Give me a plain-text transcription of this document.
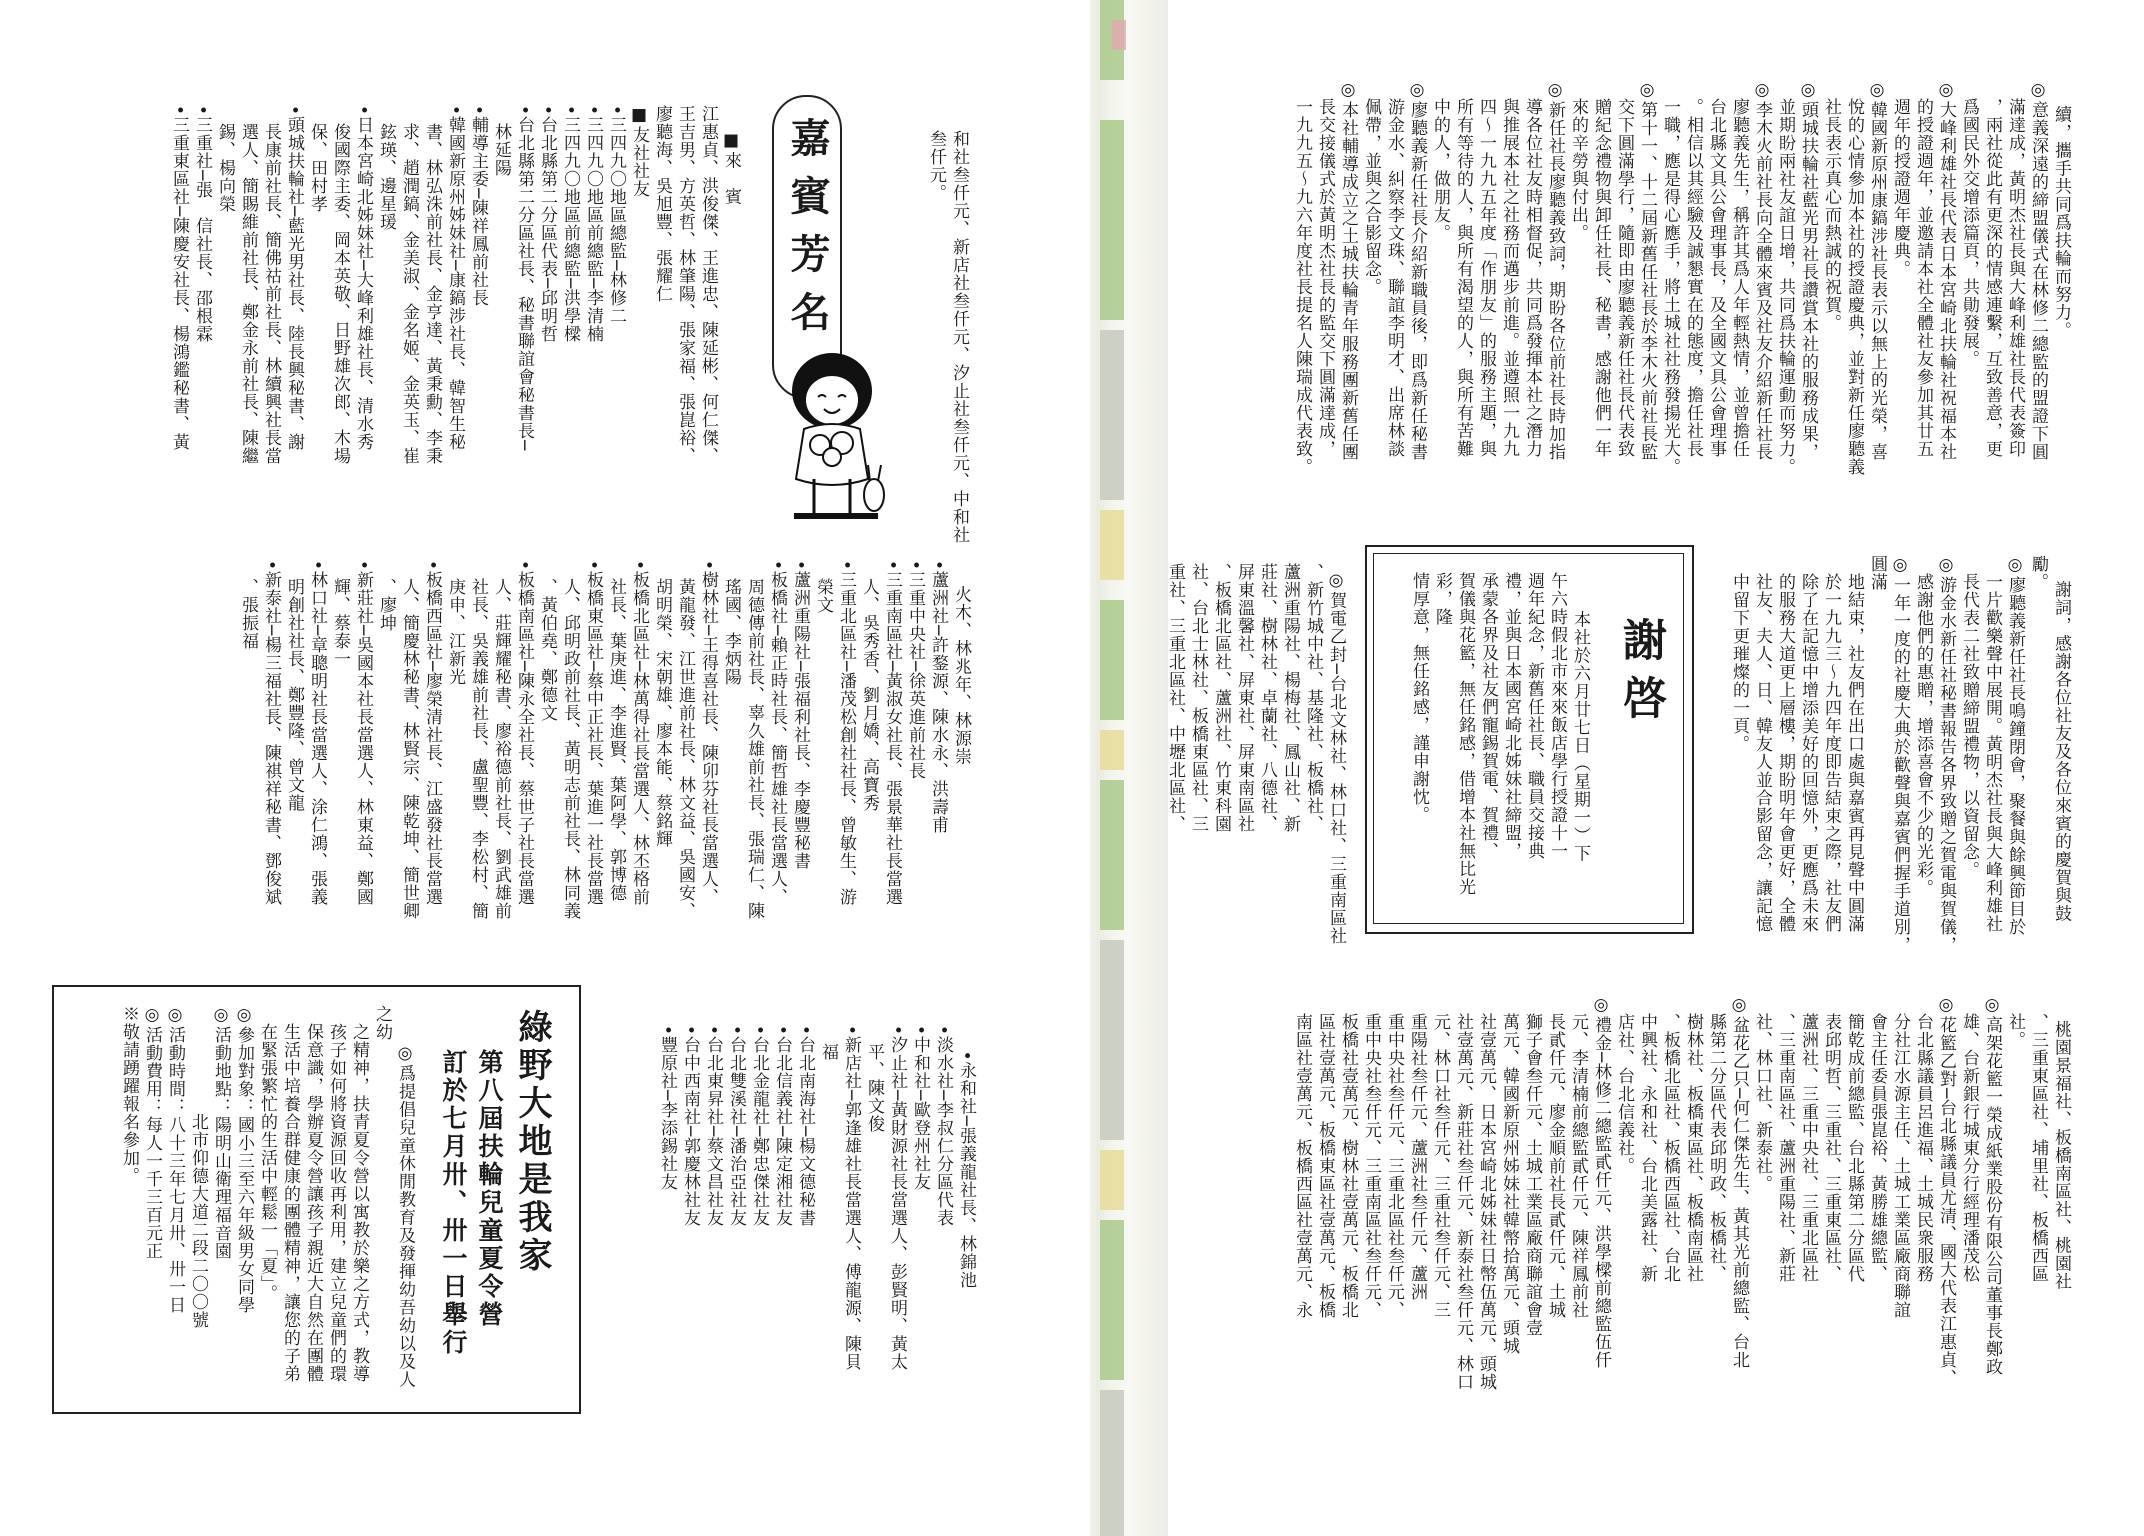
和社叁仟元、新店社叁仟元、汐止社叁仟元、中和社叁仟元。
嘉賓芳名

■來　賓
江惠貞、洪俊傑、王進忠、陳延彬、何仁傑、
王吉男、方英哲、林肇陽、張家福、張崑裕、
廖聽海、吳旭豐、張耀仁
■友社社友
•三四九〇地區總監─林修二
•三四九〇地區前總監─李清楠
•三四九〇地區前總監─洪學樑
•台北縣第二分區代表─邱明哲
•台北縣第二分區社長、秘書聯誼會秘書長─
　林延陽
•輔導主委─陳祥鳳前社長
•韓國新原州姊妹社─康鎬涉社長、韓智生秘
　書、林弘洙前社長、金亨達、黃秉勳、李秉
　求、趙潤鎬、金美淑、金名姬、金英玉、崔
　鉉瑛、邊星瑗
•日本宮崎北姊妹社─大峰利雄社長、清水秀
　俊國際主委、岡本英敬、日野雄次郎、木場
　保、田村孝
•頭城扶輪社─藍光男社長、陸長興秘書、謝
　長康前社長、簡佛祜前社長、林續興社長當
　選人、簡賜維前社長、鄭金永前社長、陳繼
　錫、楊向榮
•三重社─張　信社長、邵根霖
•三重東區社─陳慶安社長、楊鴻鑑秘書、黃

火木、林兆年、林源崇
•蘆洲社─許鍪源、陳水永、洪壽甫
•三重中央社─徐英進前社長
•三重南區社─黃淑女社長、張景華社長當選
　人、吳秀香、劉月嬌、高寶秀
•三重北區社─潘茂松創社社長、曾敏生、游
　榮文
•蘆洲重陽社─張福利社長、李慶豐秘書
•板橋社─賴正時社長、簡哲雄社長當選人、
　周德傳前社長、辜久雄前社長、張瑞仁、陳
　瑤國、李炳陽
•樹林社─王得喜社長、陳卯芬社長當選人、
　黃龍發、江世進前社長、林文益、吳國安、
　胡明榮、宋朝雄、廖本能、蔡銘輝
•板橋北區社─林萬得社長當選人、林丕格前
　社長、葉庚進、李進賢、葉阿學、郭博德
•板橋東區社─蔡中正社長、葉進一社長當選
　人、邱明政前社長、黃明志前社長、林同義
　、黃伯堯、鄭德文
•板橋南區社─陳永全社長、蔡世子社長當選
　人、莊輝耀秘書、廖裕德前社長、劉武雄前
　社長、吳義雄前社長、盧聖豐、李松村、簡
　庚申、江新光
•板橋西區社─廖榮清社長、江盛發社長當選
　人、簡慶林秘書、林賢宗、陳乾坤、簡世卿
　、廖坤
•新莊社─吳國本社長當選人、林東益、鄭國
　輝、蔡泰一
•林口社─章聰明社長當選人、涂仁鴻、張義
　明創社社長、鄭豐隆、曾文龍
•新泰社─楊三福社長、陳祺祥秘書、鄧俊斌
　、張振福

•永和社─張義龍社長、林錦池
•淡水社─李叔仁分區代表
•中和社─歐登州社友
•汐止社─黃財源社長當選人、彭賢明、黃太
　平、陳文俊
•新店社─郭逢雄社長當選人、傅龍源、陳貝
　福
•台北南海社─楊文德秘書
•台北信義社─陳定湘社友
•台北金龍社─鄭忠傑社友
•台北雙溪社─潘治亞社友
•台北東昇社─蔡文昌社友
•台中西南社─郭慶林社友
•豐原社─李添錫社友

綠野大地是我家
第八屆扶輪兒童夏令營
訂於七月卅、卅一日舉行

◎爲提倡兒童休閒教育及發揮幼吾幼以及人之幼
　之精神，扶青夏令營以寓教於樂之方式，教導
　孩子如何將資源回收再利用，建立兒童們的環
　保意識，學辦夏令營讓孩子親近大自然在團體
　生活中培養合群健康的團體精神，讓您的子弟
　在緊張繁忙的生活中輕鬆一「夏」。
◎參加對象：國小三至六年級男女同學
◎活動地點：陽明山衛理福音園
　　　　　　北市仰德大道二段二〇〇號
◎活動時間：八十三年七月卅、卅一日
◎活動費用：每人一千三百元正
※敬請踴躍報名參加。

續，攜手共同爲扶輪而努力。
◎意義深遠的締盟儀式在林修二總監的盟證下圓
　滿達成，黃明杰社長與大峰利雄社長代表簽印
　，兩社從此有更深的情感連繫，互致善意，更
　爲國民外交增添篇頁，共勛發展。
◎大峰利雄社長代表日本宮崎北扶輪社祝福本社
　的授證週年，並邀請本社全體社友參加其廿五
　週年的授證週年慶典。
◎韓國新原州康鎬涉社長表示以無上的光榮，喜
　悅的心情參加本社的授證慶典，並對新任廖聽義
　社長表示真心而熱誠的祝賀。
◎頭城扶輪社藍光男社長讚賞本社的服務成果，
　並期盼兩社友誼日增，共同爲扶輪運動而努力。
◎李木火前社長向全體來賓及社友介紹新任社長
　廖聽義先生，稱許其爲人年輕熱情，並曾擔任
　台北縣文具公會理事長，及全國文具公會理事
　。相信以其經驗及誠懇實在的態度，擔任社長
　一職，應是得心應手，將土城社社務發揚光大。
◎第十一、十二屆新舊任社長於李木火前社長監
　交下圓滿學行，隨即由廖聽義新任社長代表致
　贈紀念禮物與卸任社長、秘書，感謝他們一年
　來的辛勞與付出。
◎新任社長廖聽義致詞，期盼各位前社長時加指
　導各位社友時相督促，共同爲發揮本社之潛力
　與推展本社之社務而邁步前進。並遵照一九九
　四～一九九五年度「作朋友」的服務主題，與
　所有等待的人，與所有渴望的人，與所有苦難
　中的人，做朋友。
◎廖聽義新任社長介紹新職員後，即爲新任秘書
　游金水、糾察李文珠、聯誼李明才、出席林談
　佩帶，並與之合影留念。
◎本社輔導成立之土城扶輪青年服務團新舊任團
　長交接儀式於黃明杰社長的監交下圓滿達成，
　一九九五～九六年度社長提名人陳瑞成代表致。

謝啓

本社於六月廿七日（星期一）下
午六時假北市來來飯店學行授證十一
週年紀念，新舊任社長、職員交接典
禮，並與日本國宮崎北姊妹社締盟，
承蒙各界及社友們寵錫賀電、賀禮、
賀儀與花籃，無任銘感，借增本社無比光彩，隆
情厚意，無任銘感，謹申謝忱。
	謝詞，感謝各位社友及各位來賓的慶賀與鼓勵。
◎廖聽義新任社長鳴鐘閉會，聚餐與餘興節目於
　一片歡樂聲中展開。黃明杰社長與大峰利雄社
　長代表二社致贈締盟禮物，以資留念。
◎游金水新任社秘書報告各界致贈之賀電與賀儀，
　感謝他們的惠贈，增添喜會不少的光彩。
◎一年一度的社慶大典於歡聲與嘉賓們握手道別，圓滿
　地結束，社友們在出口處與嘉賓再見聲中圓滿
　於一九九三～九四年度即告結束之際，社友們
　除了在記憶中增添美好的回憶外，更應爲未來
　的服務大道更上層樓，期盼明年會更好，全體
　社友、夫人、日、韓友人並合影留念，讓記憶
　中留下更璀燦的一頁。

◎賀電乙封─台北文林社、林口社、三重南區社
　、新竹城中社、基隆社、板橋社、
　蘆洲重陽社、楊梅社、鳳山社、新
　莊社、樹林社、卓蘭社、八德社、
　屏東溫馨社、屏東社、屏東南區社
　、板橋北區社、蘆洲社、竹東科園
　社、台北士林社、板橋東區社、三
　重社、三重北區社、中壢北區社、

桃園景福社、板橋南區社、桃園社
　、三重東區社、埔里社、板橋西區
　社。
◎高架花籃一榮成紙業股份有限公司董事長鄭政
　雄、台新銀行城東分行經理潘茂松
◎花籃乙對─台北縣議員尤清、國大代表江惠貞、
　台北縣議員呂進福、土城民衆服務
　分社江水源主任、土城工業區廠商聯誼
　會主任委員張崑裕、黃勝雄總監、
　簡乾成前總監、台北縣第二分區代
　表邱明哲、三重社、三重東區社、
　蘆洲社、三重中央社、三重北區社
　、三重南區社、蘆洲重陽社、新莊
　社、林口社、新泰社。
◎盆花乙只─何仁傑先生、黃其光前總監、台北
　縣第二分區代表邱明政、板橋社、
　樹林社、板橋東區社、板橋南區社
　、板橋北區社、板橋西區社、台北
　中興社、永和社、台北美露社、新
　店社、台北信義社。
◎禮金─林修二總監貳仟元、洪學樑前總監伍仟
　元、李清楠前總監貳仟元、陳祥鳳前社
　長貳仟元、廖金順前社長貳仟元、土城
　獅子會叁仟元、土城工業區廠商聯誼會壹
　萬元、韓國新原州姊妹社韓幣拾萬元、頭城
　社壹萬元、日本宮崎北姊妹社日幣伍萬元、頭城
　社壹萬元、新莊社叁仟元、新泰社叁仟元、林口
　元、林口社叁仟元、三重社叁仟元、三
　重陽社叁仟元、蘆洲社叁仟元、蘆洲
　重中央社叁仟元、三重北區社叁仟元、
　重中央社叁仟元、三重南區社叁仟元、
　板橋社壹萬元、樹林社壹萬元、板橋北
　區社壹萬元、板橋東區社壹萬元、板橋
　南區社壹萬元、板橋西區社壹萬元、永
